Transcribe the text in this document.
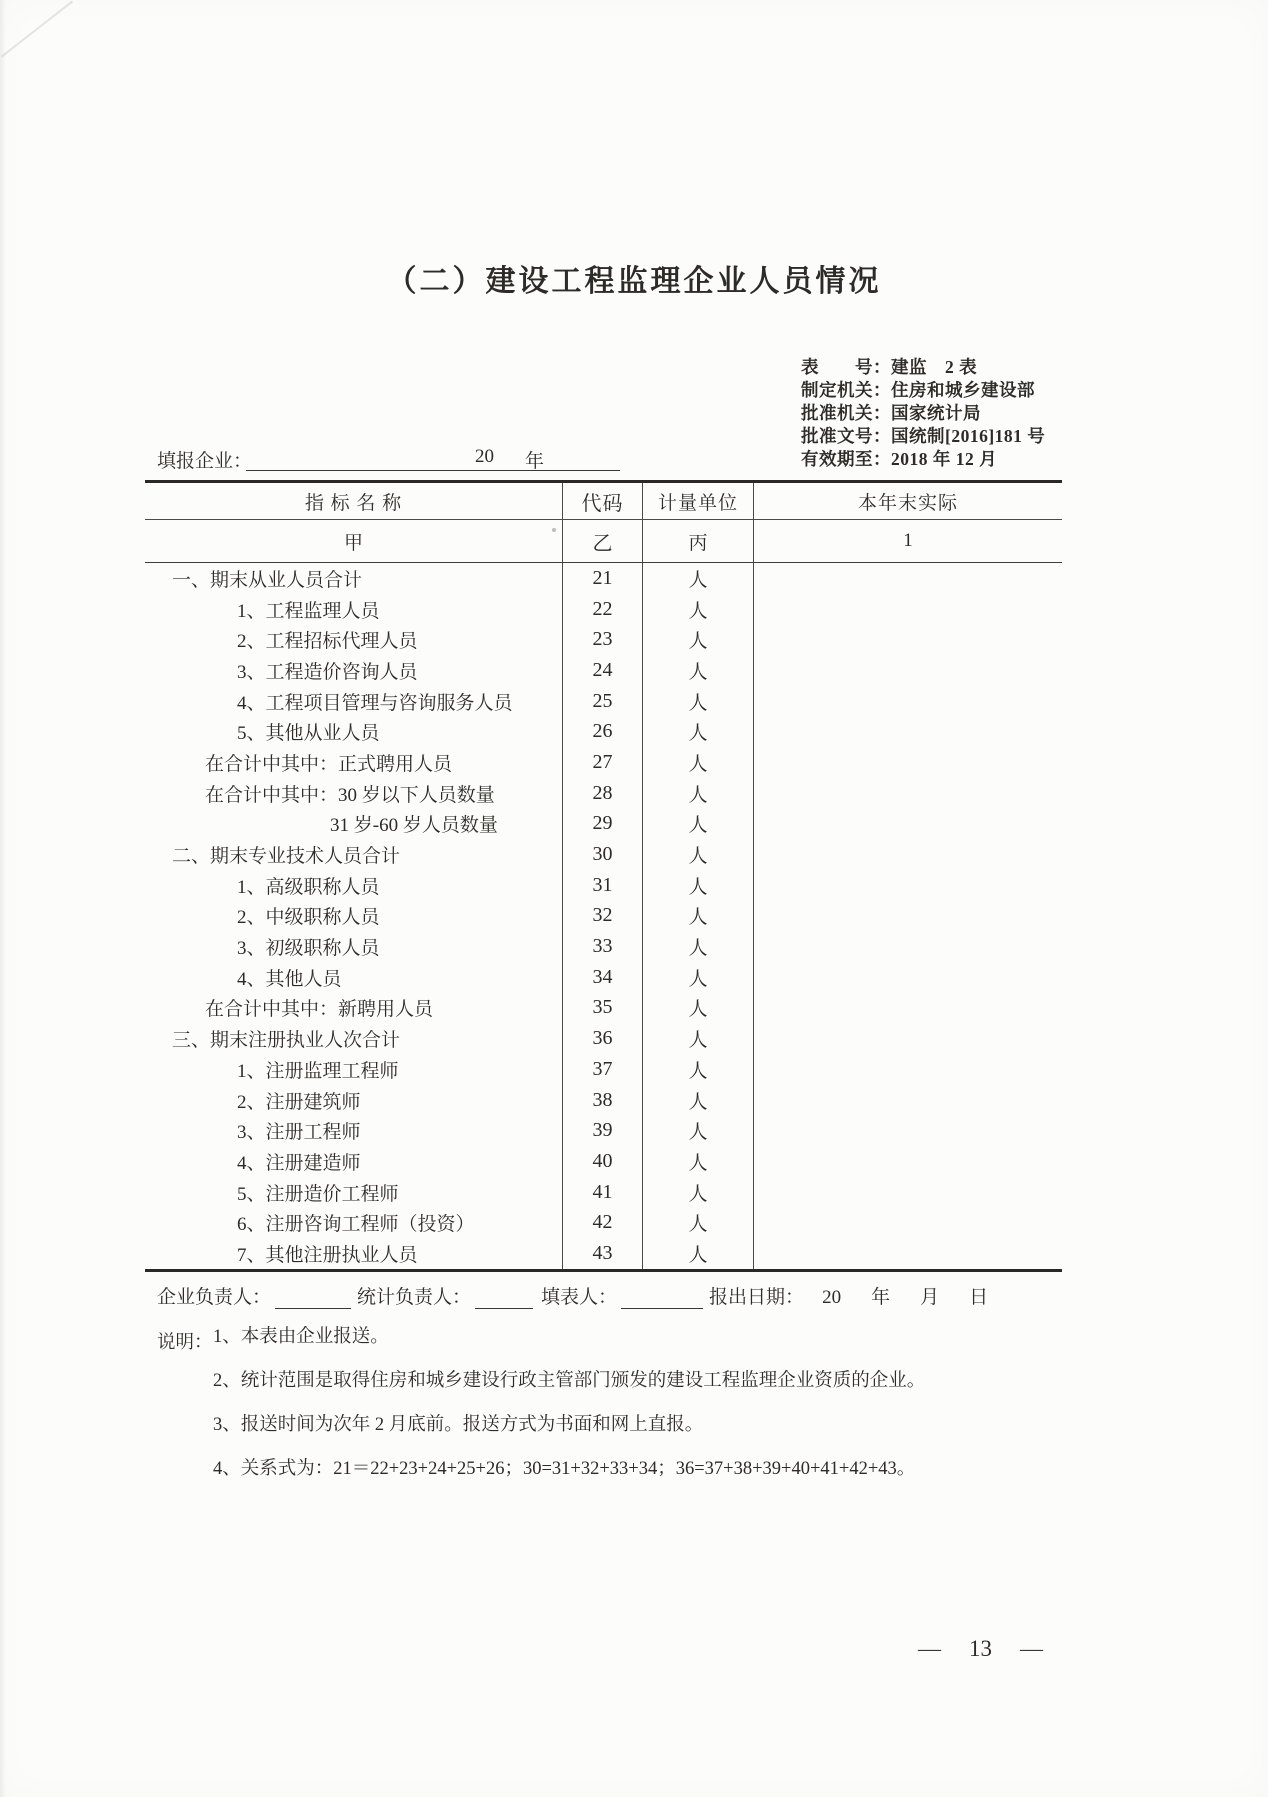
（二）建设工程监理企业人员情况
表　　号：建监　2 表
制定机关：住房和城乡建设部
批准机关：国家统计局
批准文号：国统制[2016]181 号
有效期至：2018 年 12 月
填报企业：	20 年
指 标 名 称	代码	计量单位	本年末实际
甲	乙	丙	1
一、期末从业人员合计	21	人
1、工程监理人员	22	人
2、工程招标代理人员	23	人
3、工程造价咨询人员	24	人
4、工程项目管理与咨询服务人员	25	人
5、其他从业人员	26	人
在合计中其中：正式聘用人员	27	人
在合计中其中：30 岁以下人员数量	28	人
31 岁-60 岁人员数量	29	人
二、期末专业技术人员合计	30	人
1、高级职称人员	31	人
2、中级职称人员	32	人
3、初级职称人员	33	人
4、其他人员	34	人
在合计中其中：新聘用人员	35	人
三、期末注册执业人次合计	36	人
1、注册监理工程师	37	人
2、注册建筑师	38	人
3、注册工程师	39	人
4、注册建造师	40	人
5、注册造价工程师	41	人
6、注册咨询工程师（投资）	42	人
7、其他注册执业人员	43	人
企业负责人：	统计负责人：	填表人：	报出日期： 20 年 月 日
说明： 1、本表由企业报送。
2、统计范围是取得住房和城乡建设行政主管部门颁发的建设工程监理企业资质的企业。
3、报送时间为次年 2 月底前。报送方式为书面和网上直报。
4、关系式为：21＝22+23+24+25+26；30=31+32+33+34；36=37+38+39+40+41+42+43。
— 13 —
